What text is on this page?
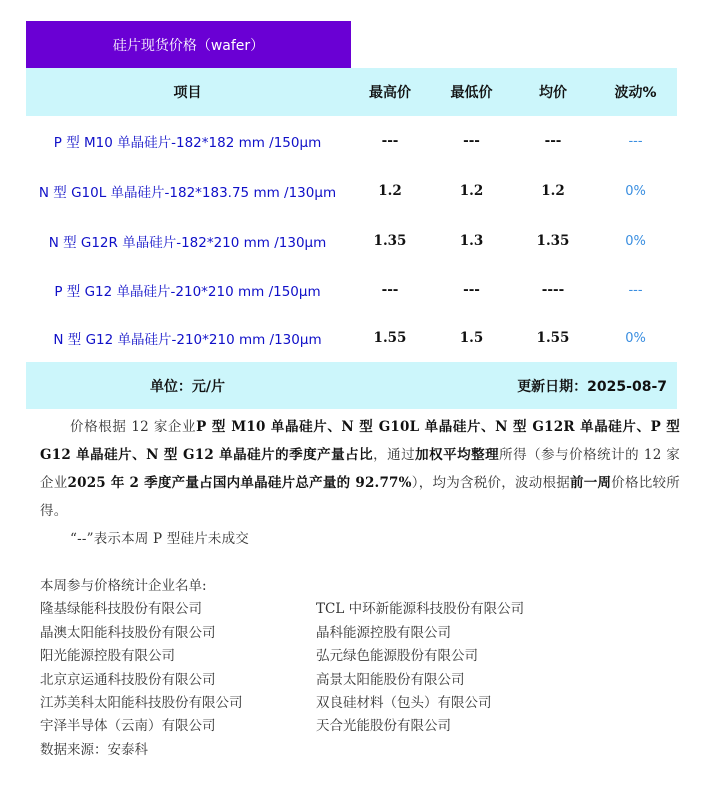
硅片现货价格（wafer）
项目	最高价	最低价	均价	波动%
P 型 M10 单晶硅片-182*182 mm /150μm	---	---	---	---
N 型 G10L 单晶硅片-182*183.75 mm /130μm	1.2	1.2	1.2	0%
N 型 G12R 单晶硅片-182*210 mm /130μm	1.35	1.3	1.35	0%
P 型 G12 单晶硅片-210*210 mm /150μm	---	---	----	---
N 型 G12 单晶硅片-210*210 mm /130μm	1.55	1.5	1.55	0%
单位：元/片	更新日期：2025-08-7

价格根据 12 家企业P 型 M10 单晶硅片、N 型 G10L 单晶硅片、N 型 G12R 单晶硅片、P 型 G12 单晶硅片、N 型 G12 单晶硅片的季度产量占比，通过加权平均整理所得（参与价格统计的 12 家企业2025 年 2 季度产量占国内单晶硅片总产量的 92.77%），均为含税价，波动根据前一周价格比较所得。

“--”表示本周 P 型硅片未成交

本周参与价格统计企业名单:
隆基绿能科技股份有限公司	TCL 中环新能源科技股份有限公司
晶澳太阳能科技股份有限公司	晶科能源控股有限公司
阳光能源控股有限公司	弘元绿色能源股份有限公司
北京京运通科技股份有限公司	高景太阳能股份有限公司
江苏美科太阳能科技股份有限公司	双良硅材料（包头）有限公司
宇泽半导体（云南）有限公司	天合光能股份有限公司
数据来源：安泰科
